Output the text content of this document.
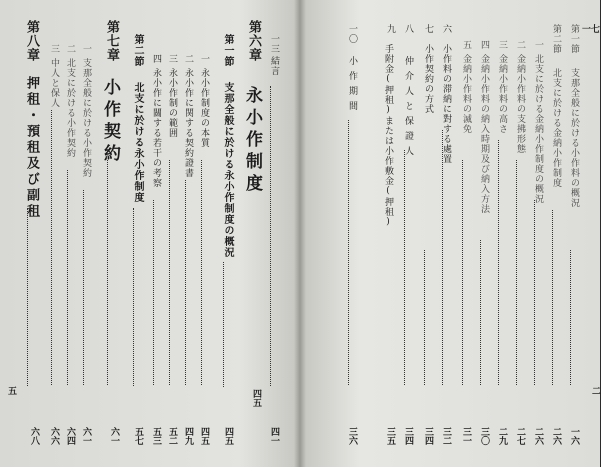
五
一三
結言
四一
第六章
永小作制度
四五
第一節
支那全般に於ける永小作制度の概況
四五
一
永小作制度の本質
四五
二
永小作に関する契約證書
四九
三
永小作制の範囲
五二
四
永小作に關する若干の考察
五三
第二節
北支に於ける永小作制度
五七
第七章
小作契約
六一
一
支那全般に於ける小作契約
六一
二
北支に於ける小作契約
六四
三
中人と保人
六六
第八章
押租・預租及び副租
六八
二
一七
第一節
支那全般に於ける小作料の概況
一六
第二節
北支に於ける金納小作制度
二六
一
北支に於ける金納小作制度の概況
二六
二
金納小作料の支拂形態
二七
三
金納小作料の高さ
二九
四
金納小作料の納入時期及び納入方法
三〇
五
金納小作料の滅免
三一
六
小作料の滞納に對する處置
三二
七
小作契約の方式
三四
八
仲介人と保證人
三四
九
手附金(押租)または小作敷金(押租)
三五
一〇
小作期間
三六
